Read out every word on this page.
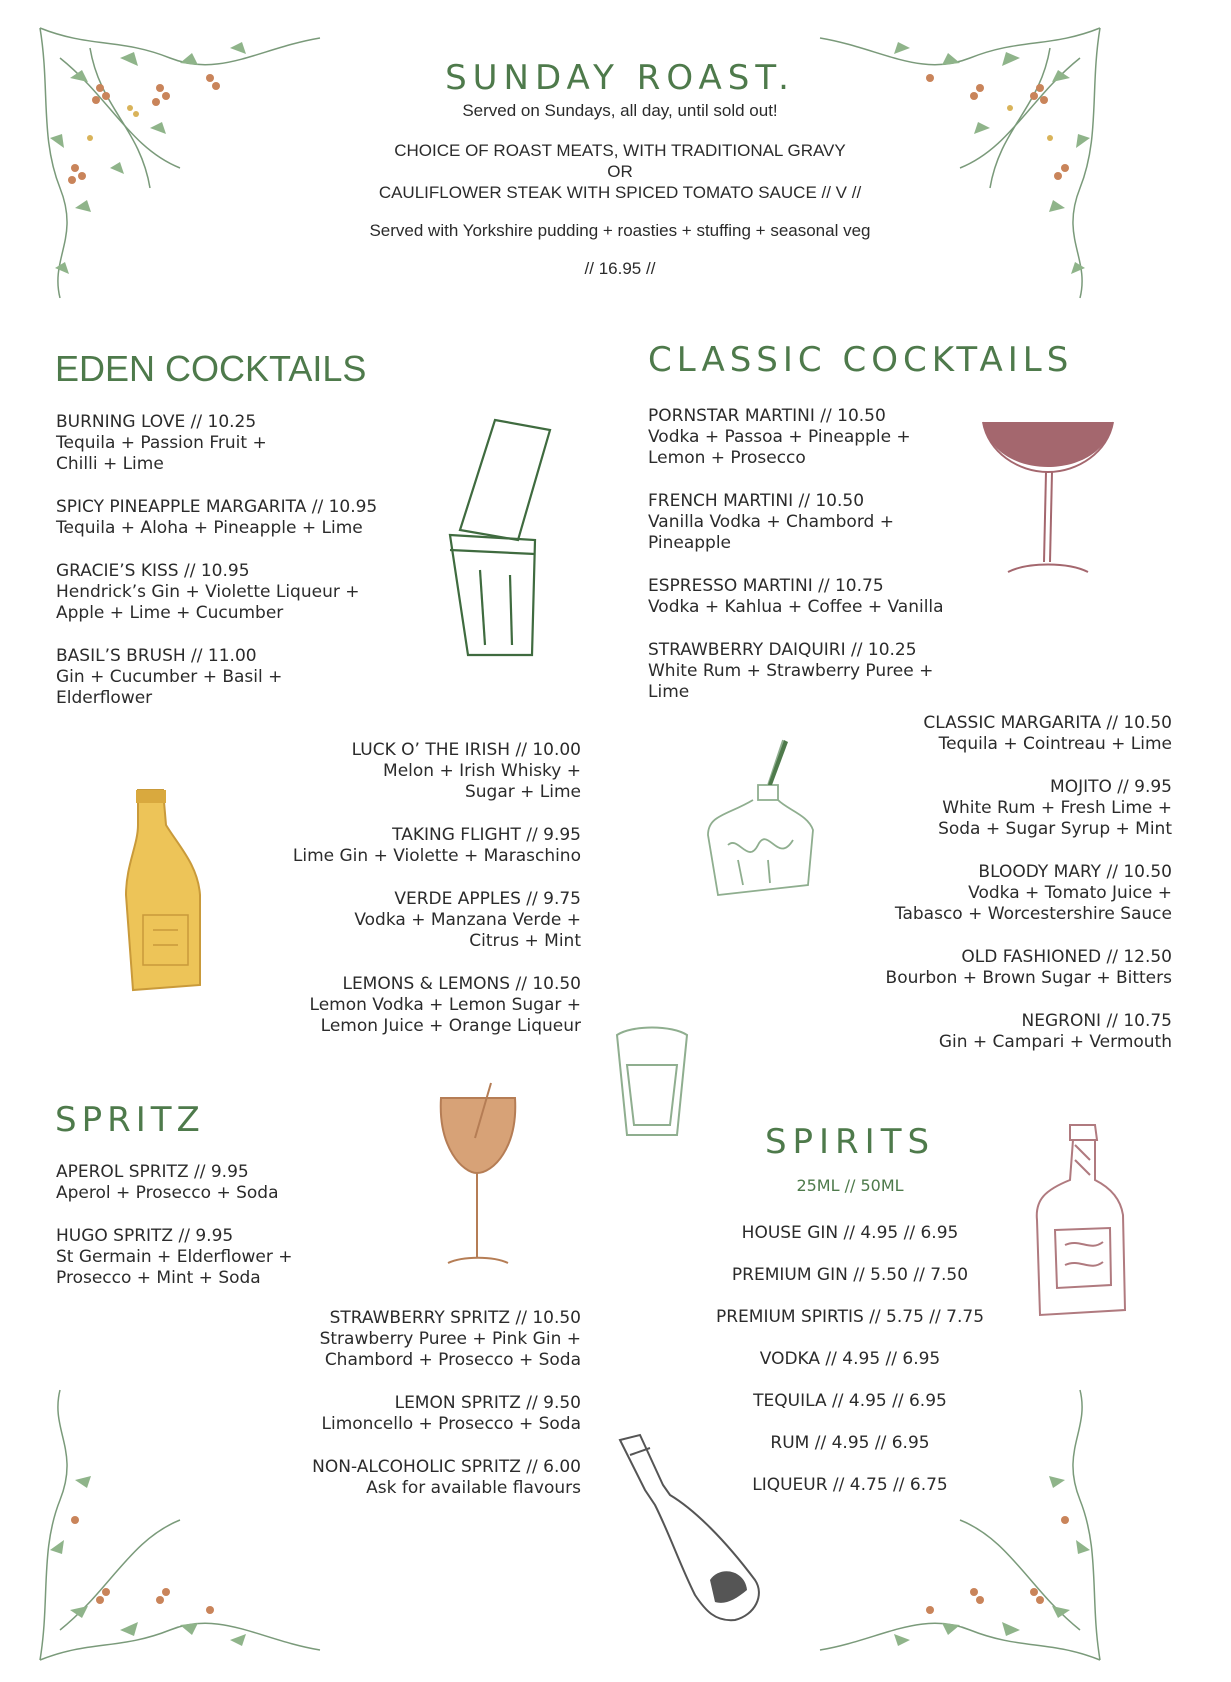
SUNDAY ROAST.
Served on Sundays, all day, until sold out!
CHOICE OF ROAST MEATS, WITH TRADITIONAL GRAVY
OR
CAULIFLOWER STEAK WITH SPICED TOMATO SAUCE // V //
Served with Yorkshire pudding + roasties + stuffing + seasonal veg
// 16.95 //
EDEN COCKTAILS
BURNING LOVE // 10.25
Tequila + Passion Fruit +
Chilli + Lime
SPICY PINEAPPLE MARGARITA // 10.95
Tequila + Aloha + Pineapple + Lime
GRACIE’S KISS // 10.95
Hendrick’s Gin + Violette Liqueur +
Apple + Lime + Cucumber
BASIL’S BRUSH // 11.00
Gin + Cucumber + Basil +
Elderflower
LUCK O’ THE IRISH // 10.00
Melon + Irish Whisky +
Sugar + Lime
TAKING FLIGHT // 9.95
Lime Gin + Violette + Maraschino
VERDE APPLES // 9.75
Vodka + Manzana Verde +
Citrus + Mint
LEMONS & LEMONS // 10.50
Lemon Vodka + Lemon Sugar +
Lemon Juice + Orange Liqueur
CLASSIC COCKTAILS
PORNSTAR MARTINI // 10.50
Vodka + Passoa + Pineapple +
Lemon + Prosecco
FRENCH MARTINI // 10.50
Vanilla Vodka + Chambord +
Pineapple
ESPRESSO MARTINI // 10.75
Vodka + Kahlua + Coffee + Vanilla
STRAWBERRY DAIQUIRI // 10.25
White Rum + Strawberry Puree +
Lime
CLASSIC MARGARITA // 10.50
Tequila + Cointreau + Lime
MOJITO // 9.95
White Rum + Fresh Lime +
Soda + Sugar Syrup + Mint
BLOODY MARY // 10.50
Vodka + Tomato Juice +
Tabasco + Worcestershire Sauce
OLD FASHIONED // 12.50
Bourbon + Brown Sugar + Bitters
NEGRONI // 10.75
Gin + Campari + Vermouth
SPRITZ
APEROL SPRITZ // 9.95
Aperol + Prosecco + Soda
HUGO SPRITZ // 9.95
St Germain + Elderflower +
Prosecco + Mint + Soda
STRAWBERRY SPRITZ // 10.50
Strawberry Puree + Pink Gin +
Chambord + Prosecco + Soda
LEMON SPRITZ // 9.50
Limoncello + Prosecco + Soda
NON-ALCOHOLIC SPRITZ // 6.00
Ask for available flavours
SPIRITS
25ML // 50ML
HOUSE GIN // 4.95 // 6.95
PREMIUM GIN // 5.50 // 7.50
PREMIUM SPIRTIS // 5.75 // 7.75
VODKA // 4.95 // 6.95
TEQUILA // 4.95 // 6.95
RUM // 4.95 // 6.95
LIQUEUR // 4.75 // 6.75
